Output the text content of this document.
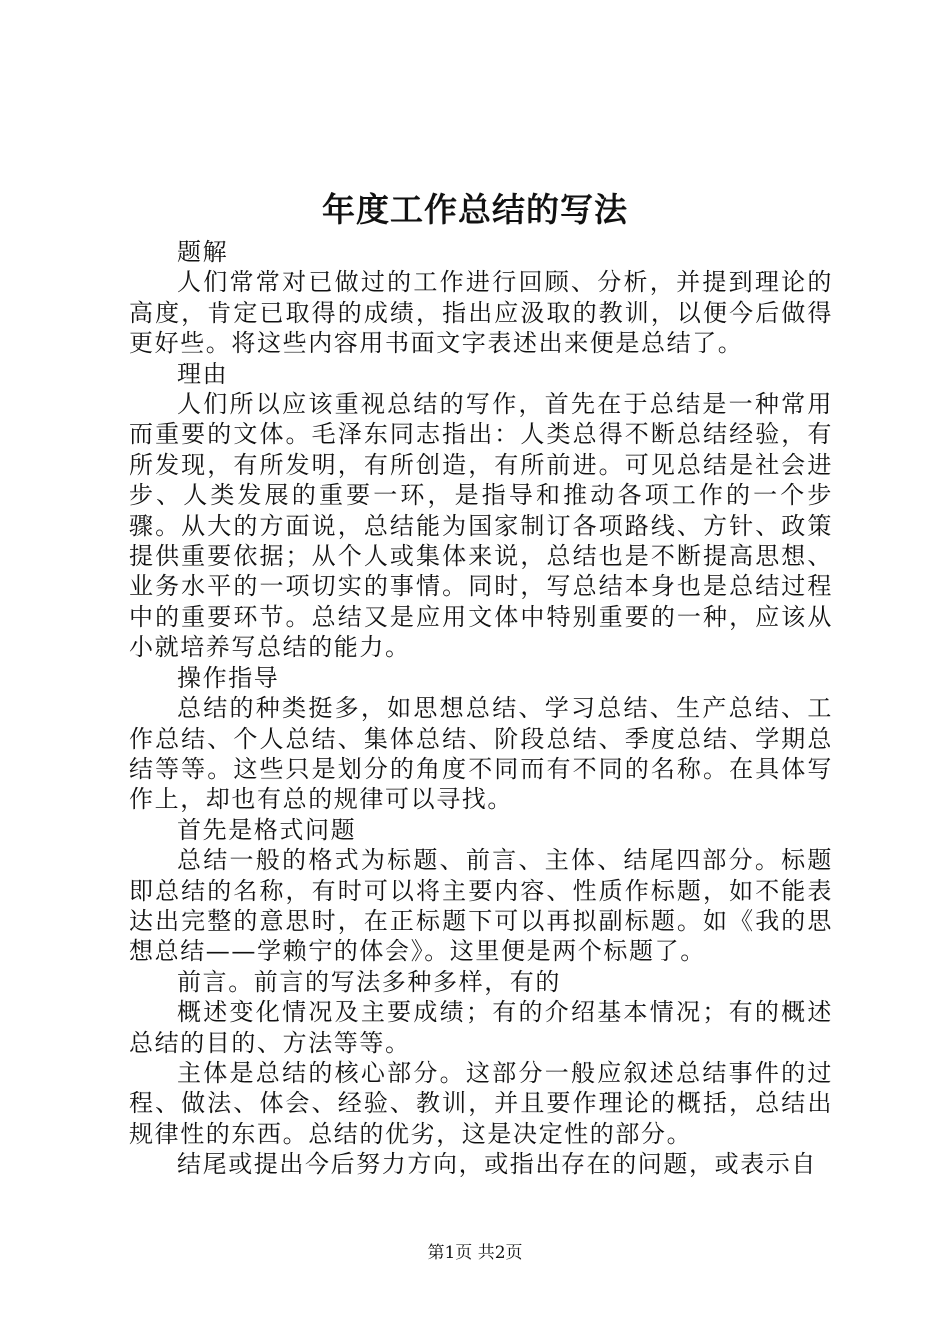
年度工作总结的写法

题解

人们常常对已做过的工作进行回顾、分析，并提到理论的高度，肯定已取得的成绩，指出应汲取的教训，以便今后做得更好些。将这些内容用书面文字表述出来便是总结了。

理由

人们所以应该重视总结的写作，首先在于总结是一种常用而重要的文体。毛泽东同志指出：人类总得不断总结经验，有所发现，有所发明，有所创造，有所前进。可见总结是社会进步、人类发展的重要一环，是指导和推动各项工作的一个步骤。从大的方面说，总结能为国家制订各项路线、方针、政策提供重要依据；从个人或集体来说，总结也是不断提高思想、业务水平的一项切实的事情。同时，写总结本身也是总结过程中的重要环节。总结又是应用文体中特别重要的一种，应该从小就培养写总结的能力。

操作指导

总结的种类挺多，如思想总结、学习总结、生产总结、工作总结、个人总结、集体总结、阶段总结、季度总结、学期总结等等。这些只是划分的角度不同而有不同的名称。在具体写作上，却也有总的规律可以寻找。

首先是格式问题

总结一般的格式为标题、前言、主体、结尾四部分。标题即总结的名称，有时可以将主要内容、性质作标题，如不能表达出完整的意思时，在正标题下可以再拟副标题。如《我的思想总结——学赖宁的体会》。这里便是两个标题了。

前言。前言的写法多种多样，有的

概述变化情况及主要成绩；有的介绍基本情况；有的概述总结的目的、方法等等。

主体是总结的核心部分。这部分一般应叙述总结事件的过程、做法、体会、经验、教训，并且要作理论的概括，总结出规律性的东西。总结的优劣，这是决定性的部分。

结尾或提出今后努力方向，或指出存在的问题，或表示自

第1页 共2页
